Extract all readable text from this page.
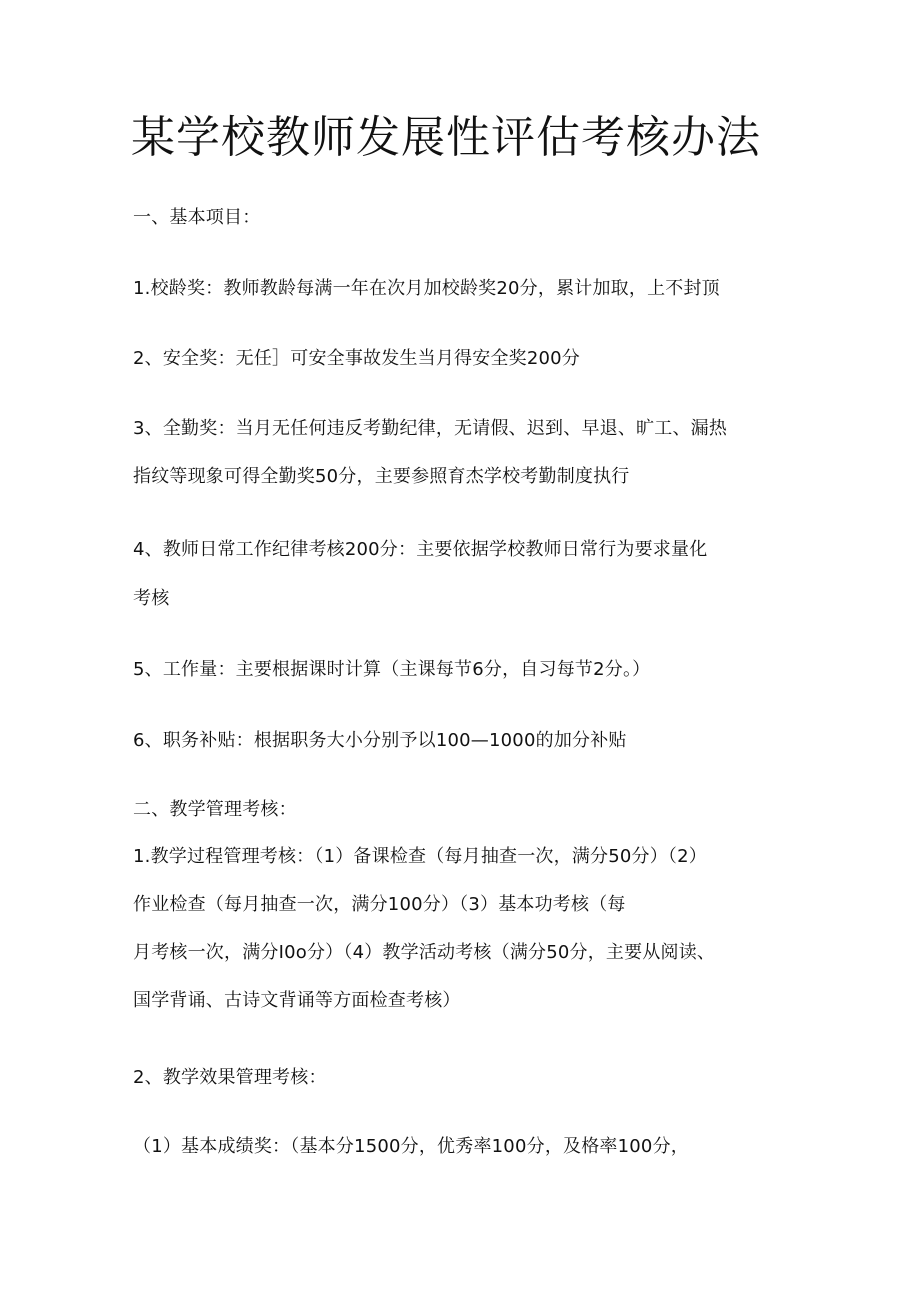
某学校教师发展性评估考核办法
一、基本项目：
1.校龄奖：教师教龄每满一年在次月加校龄奖20分，累计加取，上不封顶
2、安全奖：无任］可安全事故发生当月得安全奖200分
3、全勤奖：当月无任何违反考勤纪律，无请假、迟到、早退、旷工、漏热
指纹等现象可得全勤奖50分，主要参照育杰学校考勤制度执行
4、教师日常工作纪律考核200分：主要依据学校教师日常行为要求量化
考核
5、工作量：主要根据课时计算（主课每节6分，自习每节2分。）
6、职务补贴：根据职务大小分别予以100—1000的加分补贴
二、教学管理考核：
1.教学过程管理考核：（1）备课检查（每月抽查一次，满分50分）（2）
作业检查（每月抽查一次，满分100分）（3）基本功考核（每
月考核一次，满分I0o分）（4）教学活动考核（满分50分，主要从阅读、
国学背诵、古诗文背诵等方面检查考核）
2、教学效果管理考核：
（1）基本成绩奖：（基本分1500分，优秀率100分，及格率100分，
